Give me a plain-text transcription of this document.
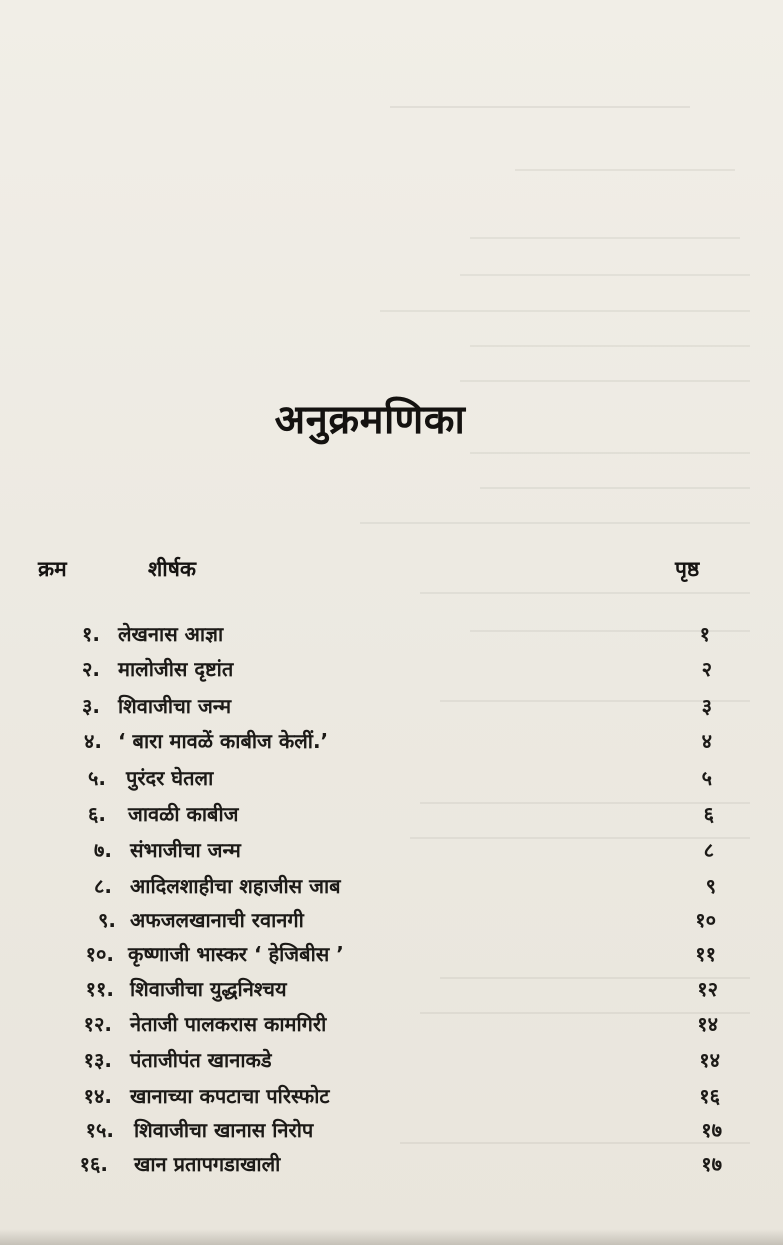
अनुक्रमणिका
क्रम	शीर्षक	पृष्ठ
१. लेखनास आज्ञा	१
२. मालोजीस दृष्टांत	२
३. शिवाजीचा जन्म	३
४. ‘ बारा मावळें काबीज केलीं.’	४
५. पुरंदर घेतला	५
६. जावळी काबीज	६
७. संभाजीचा जन्म	८
८. आदिलशाहीचा शहाजीस जाब	९
९. अफजलखानाची रवानगी	१०
१०. कृष्णाजी भास्कर ‘ हेजिबीस ’	११
११. शिवाजीचा युद्धनिश्चय	१२
१२. नेताजी पालकरास कामगिरी	१४
१३. पंताजीपंत खानाकडे	१४
१४. खानाच्या कपटाचा परिस्फोट	१६
१५. शिवाजीचा खानास निरोप	१७
१६. खान प्रतापगडाखाली	१७
